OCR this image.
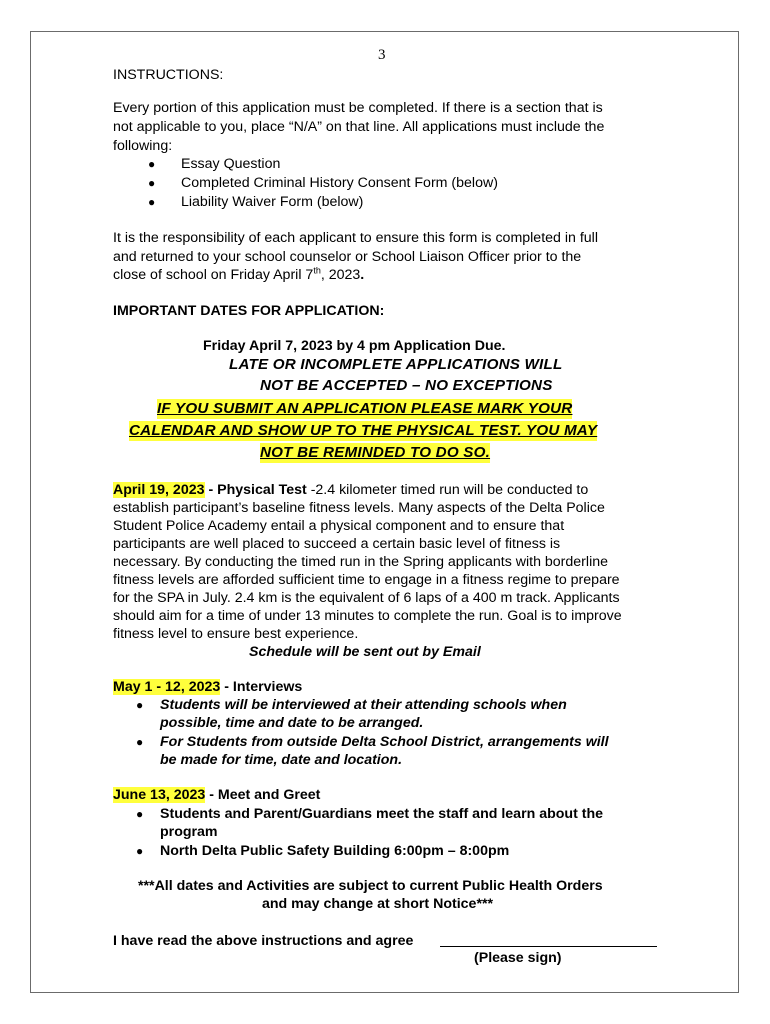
3
INSTRUCTIONS:
Every portion of this application must be completed. If there is a section that is
not applicable to you, place “N/A” on that line. All applications must include the
following:
● Essay Question
● Completed Criminal History Consent Form (below)
● Liability Waiver Form (below)
It is the responsibility of each applicant to ensure this form is completed in full
and returned to your school counselor or School Liaison Officer prior to the
close of school on Friday April 7th, 2023.
IMPORTANT DATES FOR APPLICATION:
Friday April 7, 2023 by 4 pm Application Due.
LATE OR INCOMPLETE APPLICATIONS WILL
NOT BE ACCEPTED – NO EXCEPTIONS
IF YOU SUBMIT AN APPLICATION PLEASE MARK YOUR
CALENDAR AND SHOW UP TO THE PHYSICAL TEST. YOU MAY
NOT BE REMINDED TO DO SO.
April 19, 2023 - Physical Test -2.4 kilometer timed run will be conducted to
establish participant’s baseline fitness levels. Many aspects of the Delta Police
Student Police Academy entail a physical component and to ensure that
participants are well placed to succeed a certain basic level of fitness is
necessary. By conducting the timed run in the Spring applicants with borderline
fitness levels are afforded sufficient time to engage in a fitness regime to prepare
for the SPA in July. 2.4 km is the equivalent of 6 laps of a 400 m track. Applicants
should aim for a time of under 13 minutes to complete the run. Goal is to improve
fitness level to ensure best experience.
Schedule will be sent out by Email
May 1 - 12, 2023 - Interviews
● Students will be interviewed at their attending schools when
possible, time and date to be arranged.
● For Students from outside Delta School District, arrangements will
be made for time, date and location.
June 13, 2023 - Meet and Greet
● Students and Parent/Guardians meet the staff and learn about the
program
● North Delta Public Safety Building 6:00pm – 8:00pm
***All dates and Activities are subject to current Public Health Orders
and may change at short Notice***
I have read the above instructions and agree
(Please sign)
